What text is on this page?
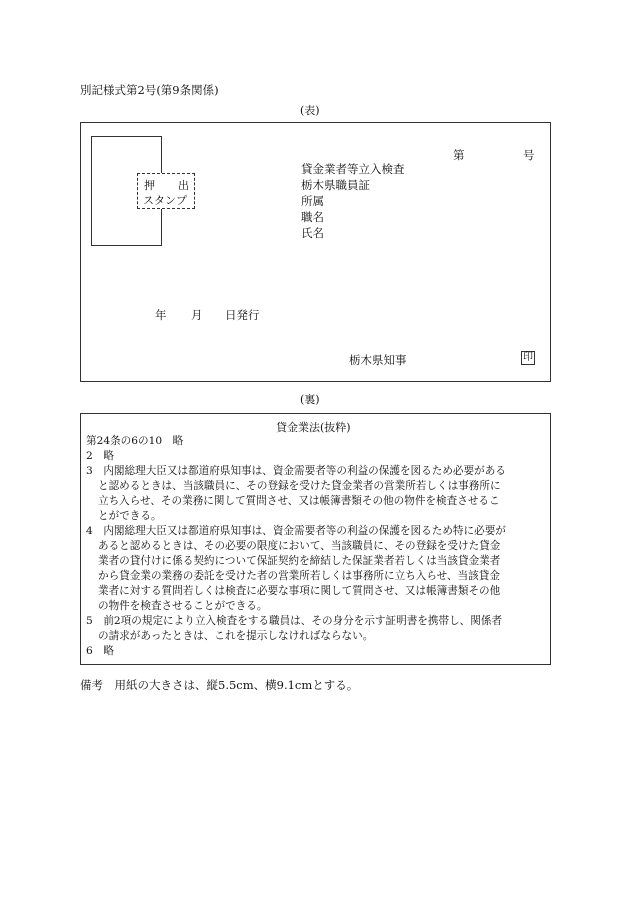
別記様式第2号(第9条関係)
(表)
押 出
スタンプ
第	号
貸金業者等立入検査
栃木県職員証
所属
職名
氏名
年 月 日発行
栃木県知事	印
(裏)
貸金業法(抜粋)
第24条の6の10　略
2　略
3　内閣総理大臣又は都道府県知事は、資金需要者等の利益の保護を図るため必要がある
と認めるときは、当該職員に、その登録を受けた貸金業者の営業所若しくは事務所に
立ち入らせ、その業務に関して質問させ、又は帳簿書類その他の物件を検査させるこ
とができる。
4　内閣総理大臣又は都道府県知事は、資金需要者等の利益の保護を図るため特に必要が
あると認めるときは、その必要の限度において、当該職員に、その登録を受けた貸金
業者の貸付けに係る契約について保証契約を締結した保証業者若しくは当該貸金業者
から貸金業の業務の委託を受けた者の営業所若しくは事務所に立ち入らせ、当該貸金
業者に対する質問若しくは検査に必要な事項に関して質問させ、又は帳簿書類その他
の物件を検査させることができる。
5　前2項の規定により立入検査をする職員は、その身分を示す証明書を携帯し、関係者
の請求があったときは、これを提示しなければならない。
6　略
備考　用紙の大きさは、縦5.5cm、横9.1cmとする。
